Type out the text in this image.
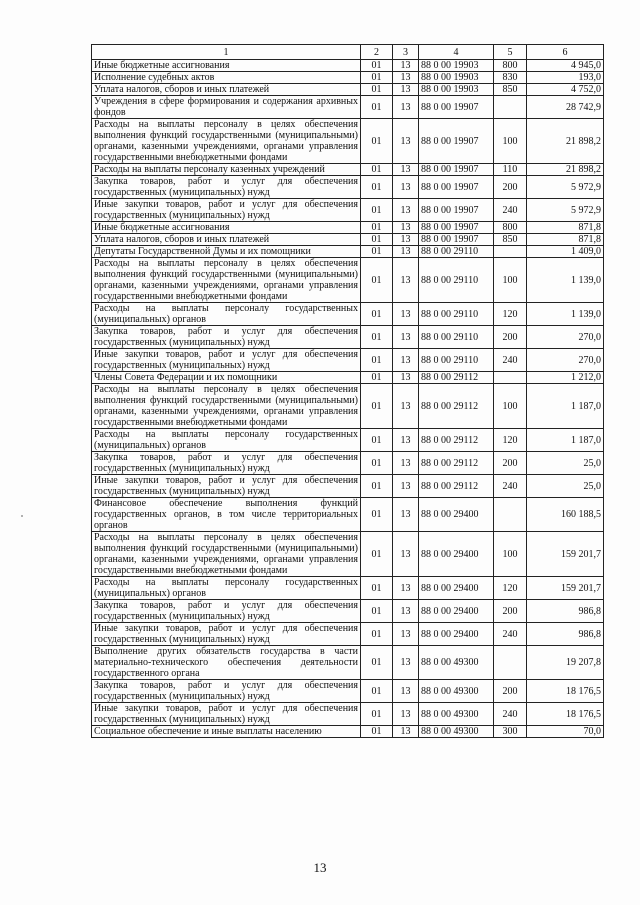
1	2	3	4	5	6
Иные бюджетные ассигнования	01	13	88 0 00 19903	800	4 945,0
Исполнение судебных актов	01	13	88 0 00 19903	830	193,0
Уплата налогов, сборов и иных платежей	01	13	88 0 00 19903	850	4 752,0
Учреждения в сфере формирования и содержания архивных фондов	01	13	88 0 00 19907		28 742,9
Расходы на выплаты персоналу в целях обеспечения выполнения функций государственными (муниципальными) органами, казенными учреждениями, органами управления государственными внебюджетными фондами	01	13	88 0 00 19907	100	21 898,2
Расходы на выплаты персоналу казенных учреждений	01	13	88 0 00 19907	110	21 898,2
Закупка товаров, работ и услуг для обеспечения государственных (муниципальных) нужд	01	13	88 0 00 19907	200	5 972,9
Иные закупки товаров, работ и услуг для обеспечения государственных (муниципальных) нужд	01	13	88 0 00 19907	240	5 972,9
Иные бюджетные ассигнования	01	13	88 0 00 19907	800	871,8
Уплата налогов, сборов и иных платежей	01	13	88 0 00 19907	850	871,8
Депутаты Государственной Думы и их помощники	01	13	88 0 00 29110		1 409,0
Расходы на выплаты персоналу в целях обеспечения выполнения функций государственными (муниципальными) органами, казенными учреждениями, органами управления государственными внебюджетными фондами	01	13	88 0 00 29110	100	1 139,0
Расходы на выплаты персоналу государственных (муниципальных) органов	01	13	88 0 00 29110	120	1 139,0
Закупка товаров, работ и услуг для обеспечения государственных (муниципальных) нужд	01	13	88 0 00 29110	200	270,0
Иные закупки товаров, работ и услуг для обеспечения государственных (муниципальных) нужд	01	13	88 0 00 29110	240	270,0
Члены Совета Федерации и их помощники	01	13	88 0 00 29112		1 212,0
Расходы на выплаты персоналу в целях обеспечения выполнения функций государственными (муниципальными) органами, казенными учреждениями, органами управления государственными внебюджетными фондами	01	13	88 0 00 29112	100	1 187,0
Расходы на выплаты персоналу государственных (муниципальных) органов	01	13	88 0 00 29112	120	1 187,0
Закупка товаров, работ и услуг для обеспечения государственных (муниципальных) нужд	01	13	88 0 00 29112	200	25,0
Иные закупки товаров, работ и услуг для обеспечения государственных (муниципальных) нужд	01	13	88 0 00 29112	240	25,0
Финансовое обеспечение выполнения функций государственных органов, в том числе территориальных органов	01	13	88 0 00 29400		160 188,5
Расходы на выплаты персоналу в целях обеспечения выполнения функций государственными (муниципальными) органами, казенными учреждениями, органами управления государственными внебюджетными фондами	01	13	88 0 00 29400	100	159 201,7
Расходы на выплаты персоналу государственных (муниципальных) органов	01	13	88 0 00 29400	120	159 201,7
Закупка товаров, работ и услуг для обеспечения государственных (муниципальных) нужд	01	13	88 0 00 29400	200	986,8
Иные закупки товаров, работ и услуг для обеспечения государственных (муниципальных) нужд	01	13	88 0 00 29400	240	986,8
Выполнение других обязательств государства в части материально-технического обеспечения деятельности государственного органа	01	13	88 0 00 49300		19 207,8
Закупка товаров, работ и услуг для обеспечения государственных (муниципальных) нужд	01	13	88 0 00 49300	200	18 176,5
Иные закупки товаров, работ и услуг для обеспечения государственных (муниципальных) нужд	01	13	88 0 00 49300	240	18 176,5
Социальное обеспечение и иные выплаты населению	01	13	88 0 00 49300	300	70,0
13
